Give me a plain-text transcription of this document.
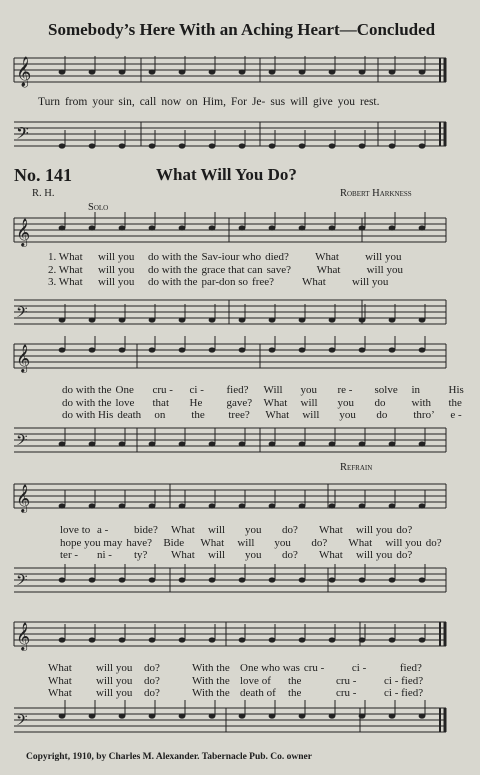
Somebody’s Here With an Aching Heart—Concluded
𝄞
Turn from your sin, call now on Him, For Je- sus will give you rest.
𝄢
No. 141	What Will You Do?
R. H.	Robert Harkness
Solo
𝄞
1. What will you do with the Sav-iour who died? What will you
2. What will you do with the grace that can save? What will you
3. What will you do with the par-don so free?	What will you
𝄢
𝄞
do with the One cru - ci - fied? Will you re - solve in	His
do with the love that He gave? What will you do with the
do with His death on the tree? What will you do thro’ e -
𝄢
Refrain
𝄞
love to a - bide? What will you do? What will you do?
hope you may have? Bide What will you do? What will you do?
ter - ni - ty? What will you do? What will you do?
𝄢
𝄞
What will you do?	With the One who was cru -	ci -	fied?
What will you do?	With the love of the	cru -	ci - fied?
What will you do?	With the death of the	cru -	ci - fied?
𝄢
Copyright, 1910, by Charles M. Alexander. Tabernacle Pub. Co. owner
